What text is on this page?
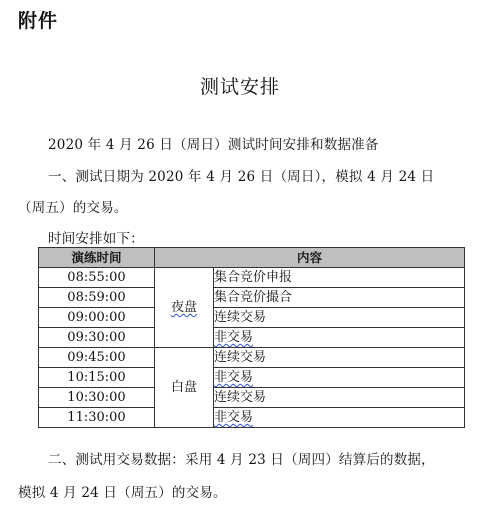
附件
测试安排
2020 年 4 月 26 日（周日）测试时间安排和数据准备
一、测试日期为 2020 年 4 月 26 日（周日），模拟 4 月 24 日
（周五）的交易。
时间安排如下：
演练时间	内容	
08:55:00	夜盘	集合竞价申报
08:59:00		集合竞价撮合
09:00:00		连续交易
09:30:00		非交易
09:45:00	白盘	连续交易
10:15:00		非交易
10:30:00		连续交易
11:30:00		非交易
二、测试用交易数据：采用 4 月 23 日（周四）结算后的数据，
模拟 4 月 24 日（周五）的交易。
